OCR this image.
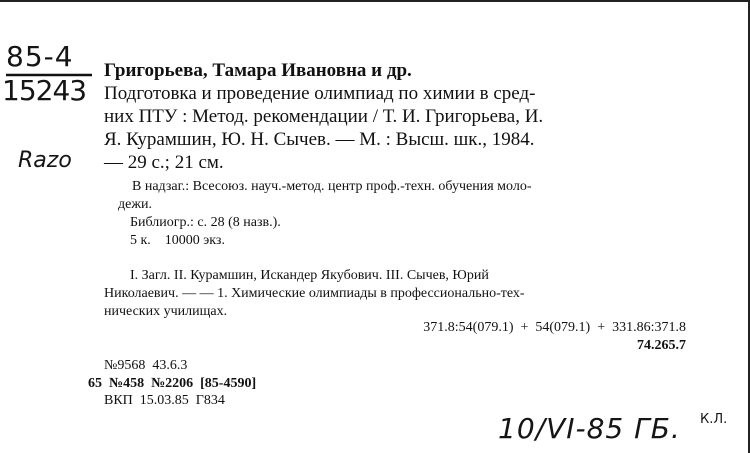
85-4
15243
Razo
Григорьева, Тамара Ивановна и др.
Подготовка и проведение олимпиад по химии в сред-
них ПТУ : Метод. рекомендации / Т. И. Григорьева, И.
Я. Курамшин, Ю. Н. Сычев. — М. : Высш. шк., 1984.
— 29 с.; 21 см.
В надзаг.: Всесоюз. науч.-метод. центр проф.-техн. обучения моло-
дежи.
Библиогр.: с. 28 (8 назв.).
5 к.    10000 экз.
I. Загл. II. Курамшин, Искандер Якубович. III. Сычев, Юрий
Николаевич. — — 1. Химические олимпиады в профессионально-тех-
нических училищах.
371.8:54(079.1)  +  54(079.1)  +  331.86:371.8
74.265.7
№9568  43.6.3
65  №458  №2206  [85-4590]
ВКП  15.03.85  Г834
10/VI-85 ГБ. К.Л.
